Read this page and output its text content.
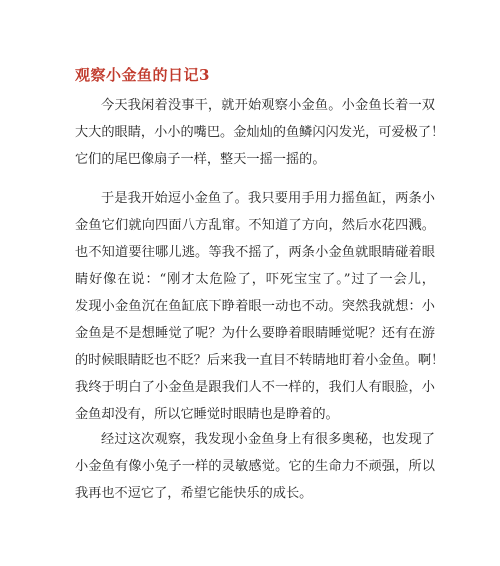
观察小金鱼的日记3

今天我闲着没事干，就开始观察小金鱼。小金鱼长着一双
大大的眼睛，小小的嘴巴。金灿灿的鱼鳞闪闪发光，可爱极了！
它们的尾巴像扇子一样，整天一摇一摇的。

于是我开始逗小金鱼了。我只要用手用力摇鱼缸，两条小
金鱼它们就向四面八方乱窜。不知道了方向，然后水花四溅。
也不知道要往哪儿逃。等我不摇了，两条小金鱼就眼睛碰着眼
睛好像在说：“刚才太危险了，吓死宝宝了。”过了一会儿，
发现小金鱼沉在鱼缸底下睁着眼一动也不动。突然我就想：小
金鱼是不是想睡觉了呢？为什么要睁着眼睛睡觉呢？还有在游
的时候眼睛眨也不眨？后来我一直目不转睛地盯着小金鱼。啊！
我终于明白了小金鱼是跟我们人不一样的，我们人有眼脸，小
金鱼却没有，所以它睡觉时眼睛也是睁着的。

经过这次观察，我发现小金鱼身上有很多奥秘，也发现了
小金鱼有像小兔子一样的灵敏感觉。它的生命力不顽强，所以
我再也不逗它了，希望它能快乐的成长。
